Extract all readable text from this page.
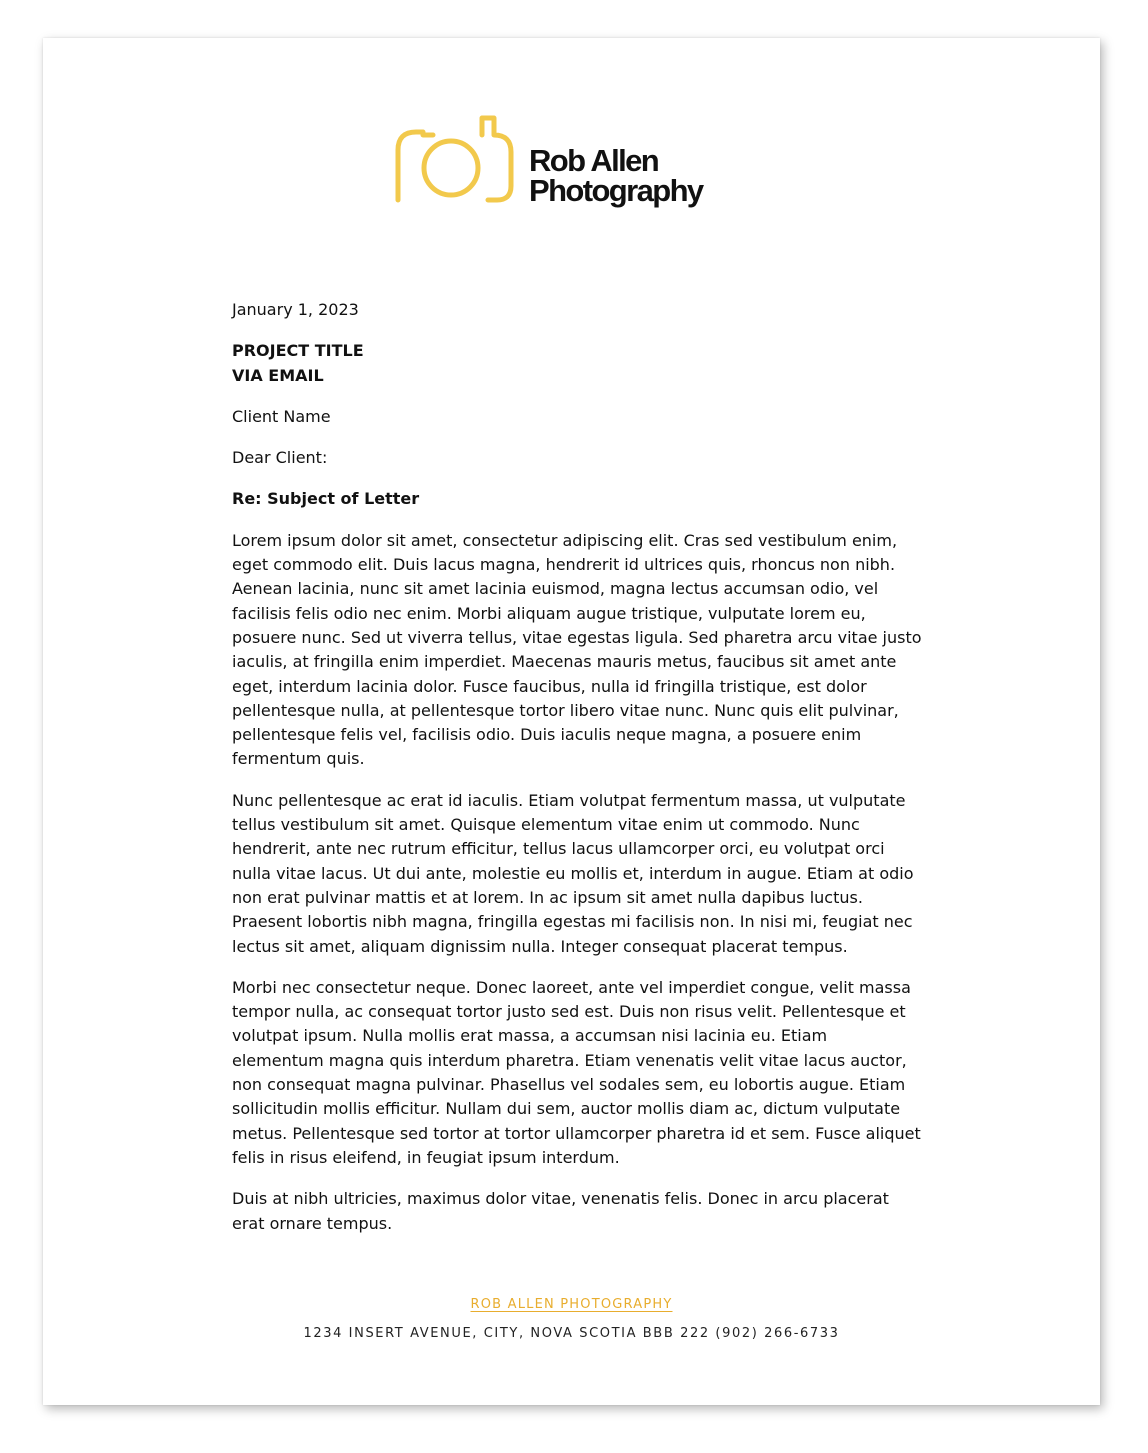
Rob Allen
Photography

January 1, 2023

PROJECT TITLE
VIA EMAIL

Client Name

Dear Client:

Re: Subject of Letter

Lorem ipsum dolor sit amet, consectetur adipiscing elit. Cras sed vestibulum enim, eget commodo elit. Duis lacus magna, hendrerit id ultrices quis, rhoncus non nibh. Aenean lacinia, nunc sit amet lacinia euismod, magna lectus accumsan odio, vel facilisis felis odio nec enim. Morbi aliquam augue tristique, vulputate lorem eu, posuere nunc. Sed ut viverra tellus, vitae egestas ligula. Sed pharetra arcu vitae justo iaculis, at fringilla enim imperdiet. Maecenas mauris metus, faucibus sit amet ante eget, interdum lacinia dolor. Fusce faucibus, nulla id fringilla tristique, est dolor pellentesque nulla, at pellentesque tortor libero vitae nunc. Nunc quis elit pulvinar, pellentesque felis vel, facilisis odio. Duis iaculis neque magna, a posuere enim fermentum quis.

Nunc pellentesque ac erat id iaculis. Etiam volutpat fermentum massa, ut vulputate tellus vestibulum sit amet. Quisque elementum vitae enim ut commodo. Nunc hendrerit, ante nec rutrum efficitur, tellus lacus ullamcorper orci, eu volutpat orci nulla vitae lacus. Ut dui ante, molestie eu mollis et, interdum in augue. Etiam at odio non erat pulvinar mattis et at lorem. In ac ipsum sit amet nulla dapibus luctus. Praesent lobortis nibh magna, fringilla egestas mi facilisis non. In nisi mi, feugiat nec lectus sit amet, aliquam dignissim nulla. Integer consequat placerat tempus.

Morbi nec consectetur neque. Donec laoreet, ante vel imperdiet congue, velit massa tempor nulla, ac consequat tortor justo sed est. Duis non risus velit. Pellentesque et volutpat ipsum. Nulla mollis erat massa, a accumsan nisi lacinia eu. Etiam elementum magna quis interdum pharetra. Etiam venenatis velit vitae lacus auctor, non consequat magna pulvinar. Phasellus vel sodales sem, eu lobortis augue. Etiam sollicitudin mollis efficitur. Nullam dui sem, auctor mollis diam ac, dictum vulputate metus. Pellentesque sed tortor at tortor ullamcorper pharetra id et sem. Fusce aliquet felis in risus eleifend, in feugiat ipsum interdum.

Duis at nibh ultricies, maximus dolor vitae, venenatis felis. Donec in arcu placerat erat ornare tempus.

ROB ALLEN PHOTOGRAPHY
1234 INSERT AVENUE, CITY, NOVA SCOTIA BBB 222 (902) 266-6733
